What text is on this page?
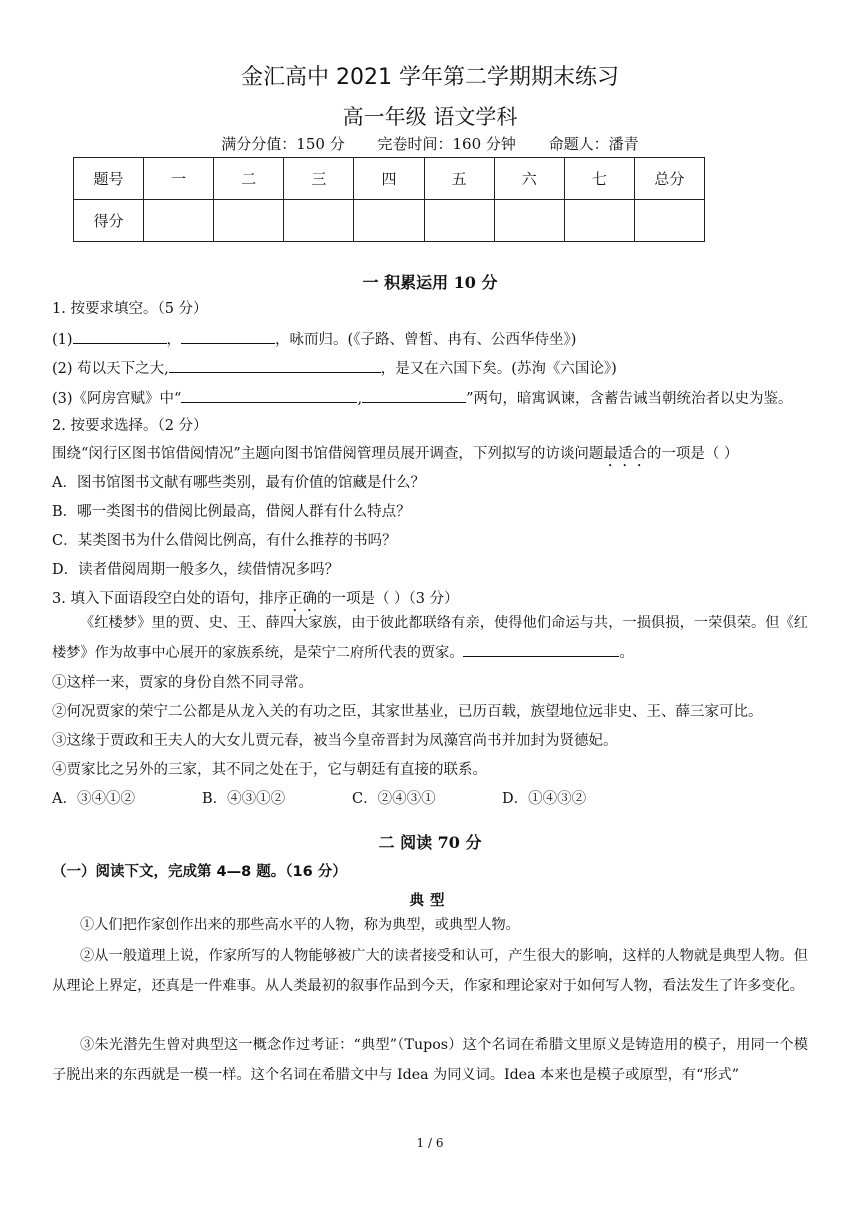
金汇高中 2021 学年第二学期期末练习
高一年级 语文学科
满分分值：150 分 完卷时间：160 分钟 命题人：潘青
题号	一	二	三	四	五	六	七	总分
得分								
一 积累运用 10 分
1. 按要求填空。（5 分）
(1)	，	，咏而归。(《子路、曾皙、冉有、公西华侍坐》)
(2) 苟以天下之大,	，是又在六国下矣。(苏洵《六国论》)
(3)《阿房宫赋》中“	,	”两句，暗寓讽谏，含蓄告诫当朝统治者以史为鉴。
2. 按要求选择。（2 分）
围绕“闵行区图书馆借阅情况”主题向图书馆借阅管理员展开调查，下列拟写的访谈问题最适合的一项是（ ）
A．图书馆图书文献有哪些类别，最有价值的馆藏是什么？
B．哪一类图书的借阅比例最高，借阅人群有什么特点？
C．某类图书为什么借阅比例高，有什么推荐的书吗？
D．读者借阅周期一般多久，续借情况多吗？
3. 填入下面语段空白处的语句，排序正确的一项是（ ）（3 分）
《红楼梦》里的贾、史、王、薛四大家族，由于彼此都联络有亲，使得他们命运与共，一损俱损，一荣俱荣。但《红楼梦》作为故事中心展开的家族系统，是荣宁二府所代表的贾家。	。
①这样一来，贾家的身份自然不同寻常。
②何况贾家的荣宁二公都是从龙入关的有功之臣，其家世基业，已历百载，族望地位远非史、王、薛三家可比。
③这缘于贾政和王夫人的大女儿贾元春，被当今皇帝晋封为凤藻宫尚书并加封为贤德妃。
④贾家比之另外的三家，其不同之处在于，它与朝廷有直接的联系。
A．③④①②	B．④③①②	C．②④③①	D．①④③②
二 阅读 70 分
（一）阅读下文，完成第 4—8 题。（16 分）
典型
①人们把作家创作出来的那些高水平的人物，称为典型，或典型人物。
②从一般道理上说，作家所写的人物能够被广大的读者接受和认可，产生很大的影响，这样的人物就是典型人物。但从理论上界定，还真是一件难事。从人类最初的叙事作品到今天，作家和理论家对于如何写人物，看法发生了许多变化。
③朱光潜先生曾对典型这一概念作过考证：“典型”（Tupos）这个名词在希腊文里原义是铸造用的模子，用同一个模子脱出来的东西就是一模一样。这个名词在希腊文中与 Idea 为同义词。Idea 本来也是模子或原型，有“形式”
1 / 6
